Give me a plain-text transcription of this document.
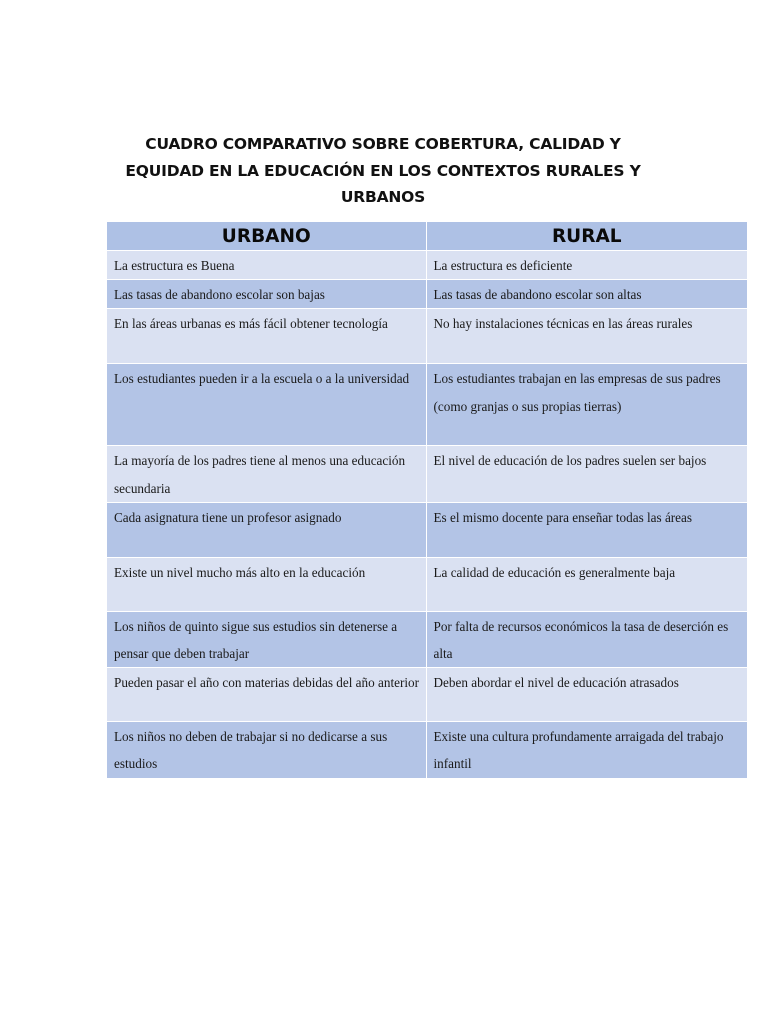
CUADRO COMPARATIVO SOBRE COBERTURA, CALIDAD Y
EQUIDAD EN LA EDUCACIÓN EN LOS CONTEXTOS RURALES Y
URBANOS
URBANO	RURAL
La estructura es Buena	La estructura es deficiente
Las tasas de abandono escolar son bajas	Las tasas de abandono escolar son altas
En las áreas urbanas es más fácil obtener tecnología	No hay instalaciones técnicas en las áreas rurales
Los estudiantes pueden ir a la escuela o a la universidad	Los estudiantes trabajan en las empresas de sus padres (como granjas o sus propias tierras)
La mayoría de los padres tiene al menos una educación secundaria	El nivel de educación de los padres suelen ser bajos
Cada asignatura tiene un profesor asignado	Es el mismo docente para enseñar todas las áreas
Existe un nivel mucho más alto en la educación	La calidad de educación es generalmente baja
Los niños de quinto sigue sus estudios sin detenerse a pensar que deben trabajar	Por falta de recursos económicos la tasa de deserción es alta
Pueden pasar el año con materias debidas del año anterior	Deben abordar el nivel de educación atrasados
Los niños no deben de trabajar si no dedicarse a sus estudios	Existe una cultura profundamente arraigada del trabajo infantil
